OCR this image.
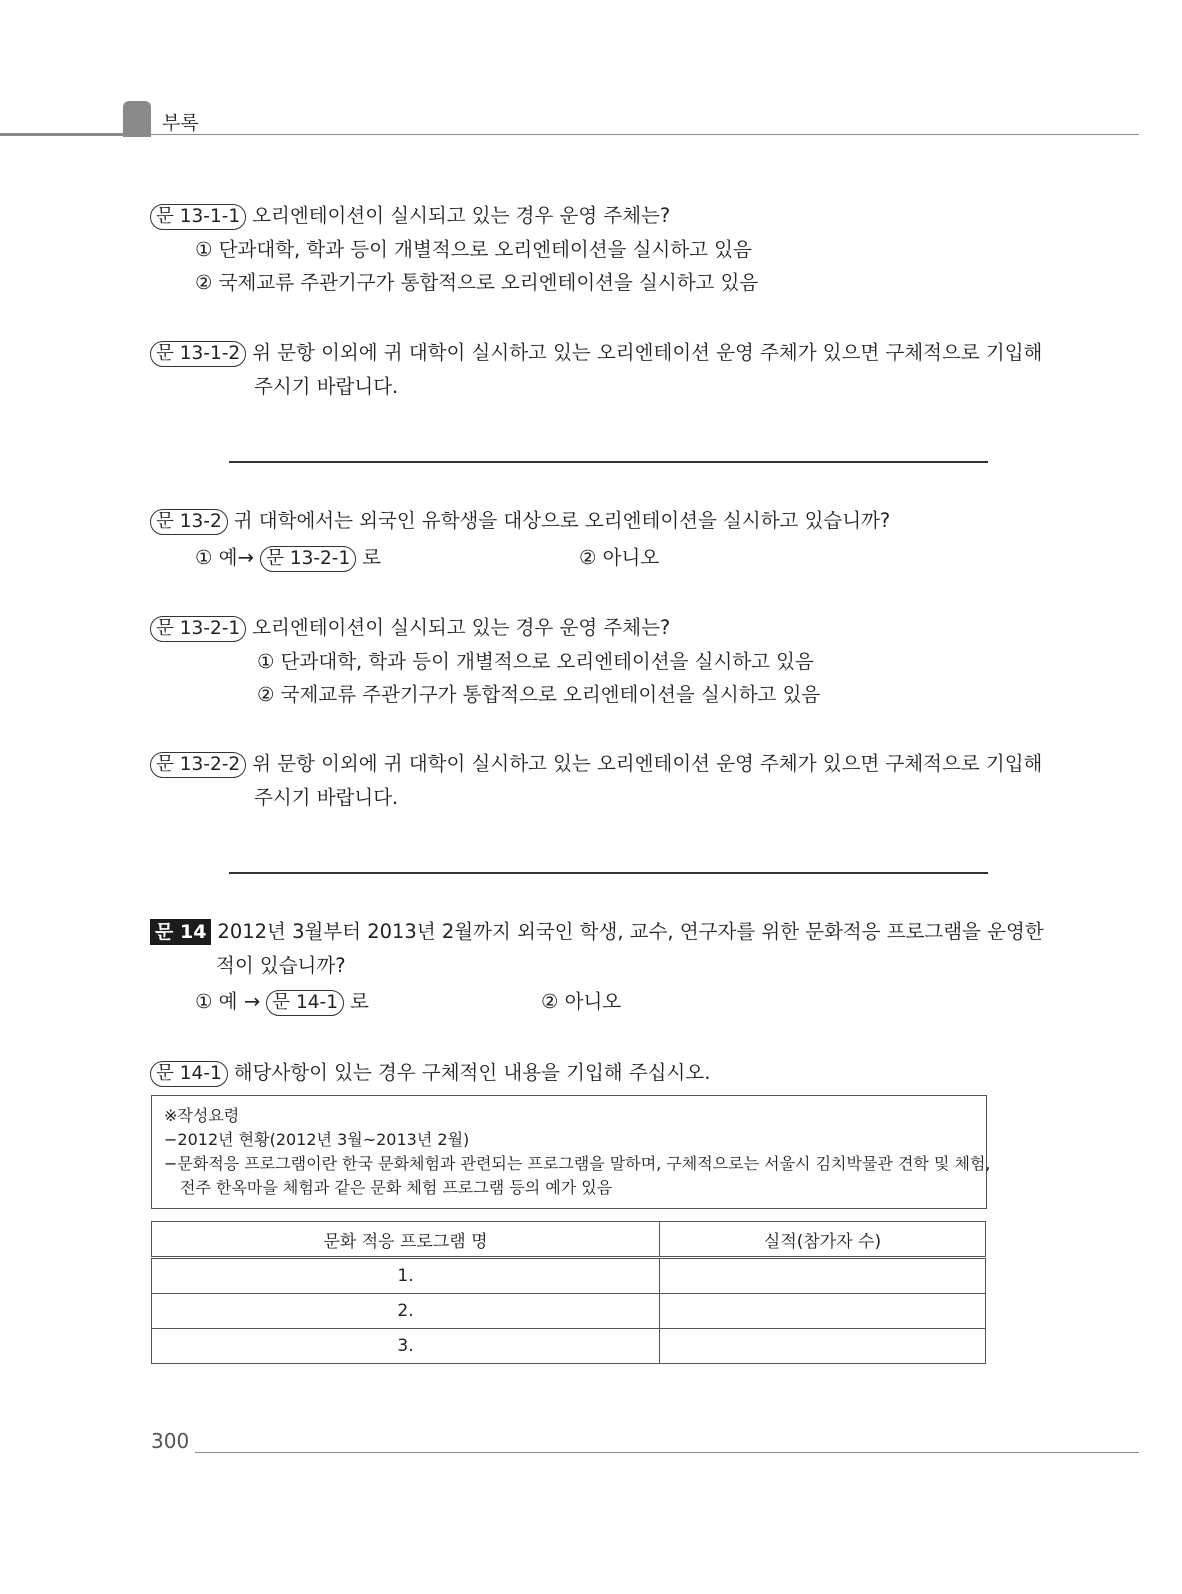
부록
문 13-1-1 오리엔테이션이 실시되고 있는 경우 운영 주체는?
① 단과대학, 학과 등이 개별적으로 오리엔테이션을 실시하고 있음
② 국제교류 주관기구가 통합적으로 오리엔테이션을 실시하고 있음
문 13-1-2 위 문항 이외에 귀 대학이 실시하고 있는 오리엔테이션 운영 주체가 있으면 구체적으로 기입해
주시기 바랍니다.
문 13-2 귀 대학에서는 외국인 유학생을 대상으로 오리엔테이션을 실시하고 있습니까?
① 예→ 문 13-2-1 로	② 아니오
문 13-2-1 오리엔테이션이 실시되고 있는 경우 운영 주체는?
① 단과대학, 학과 등이 개별적으로 오리엔테이션을 실시하고 있음
② 국제교류 주관기구가 통합적으로 오리엔테이션을 실시하고 있음
문 13-2-2 위 문항 이외에 귀 대학이 실시하고 있는 오리엔테이션 운영 주체가 있으면 구체적으로 기입해
주시기 바랍니다.
문 14 2012년 3월부터 2013년 2월까지 외국인 학생, 교수, 연구자를 위한 문화적응 프로그램을 운영한
적이 있습니까?
① 예 → 문 14-1 로	② 아니오
문 14-1 해당사항이 있는 경우 구체적인 내용을 기입해 주십시오.
※작성요령
−2012년 현황(2012년 3월~2013년 2월)
−문화적응 프로그램이란 한국 문화체험과 관련되는 프로그램을 말하며, 구체적으로는 서울시 김치박물관 견학 및 체험,
전주 한옥마을 체험과 같은 문화 체험 프로그램 등의 예가 있음
문화 적응 프로그램 명	실적(참가자 수)
1.	
2.	
3.	
300
